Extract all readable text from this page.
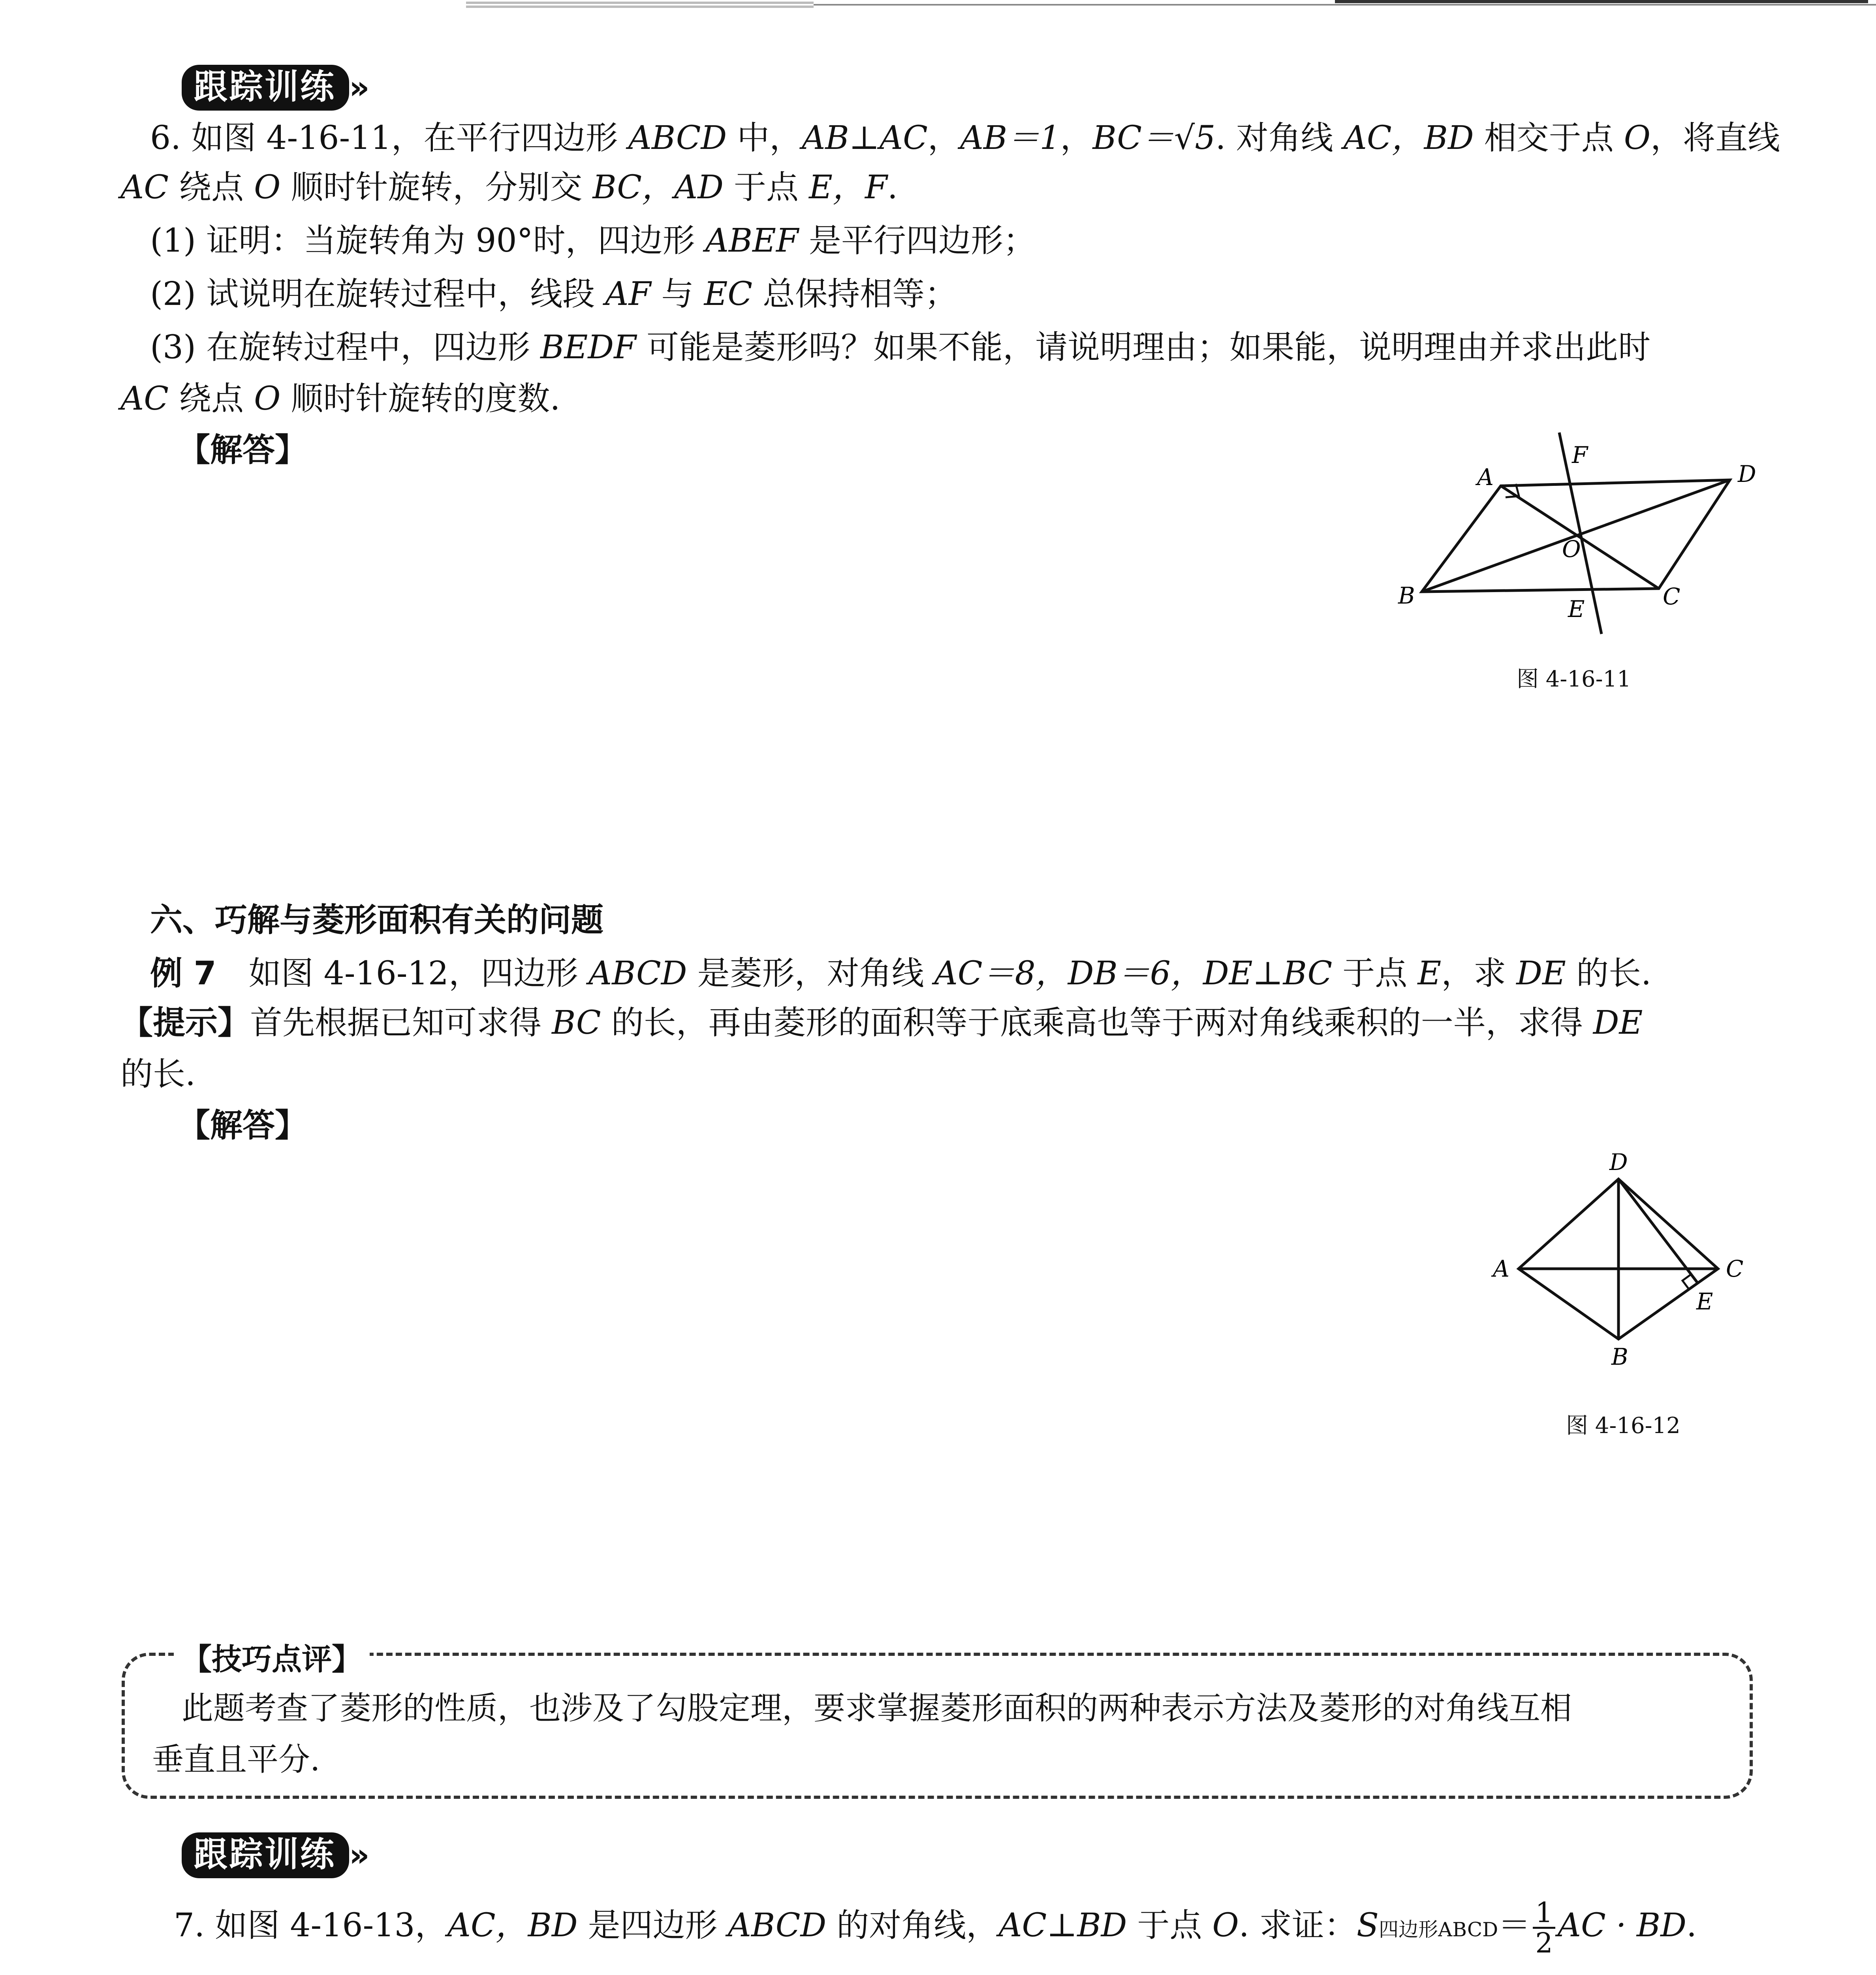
跟踪训练 »
6. 如图 4-16-11，在平行四边形 ABCD 中，AB⊥AC，AB＝1，BC＝√5. 对角线 AC，BD 相交于点 O，将直线
AC 绕点 O 顺时针旋转，分别交 BC，AD 于点 E，F.
(1) 证明：当旋转角为 90°时，四边形 ABEF 是平行四边形；
(2) 试说明在旋转过程中，线段 AF 与 EC 总保持相等；
(3) 在旋转过程中，四边形 BEDF 可能是菱形吗？如果不能，请说明理由；如果能，说明理由并求出此时
AC 绕点 O 顺时针旋转的度数.
【解答】
A
B	C
D
E
F
O
图 4-16-11
六、巧解与菱形面积有关的问题
例 7　如图 4-16-12，四边形 ABCD 是菱形，对角线 AC＝8，DB＝6，DE⊥BC 于点 E，求 DE 的长.
【提示】首先根据已知可求得 BC 的长，再由菱形的面积等于底乘高也等于两对角线乘积的一半，求得 DE
的长.
【解答】
A
B
C
D
E
图 4-16-12
【技巧点评】
此题考查了菱形的性质，也涉及了勾股定理，要求掌握菱形面积的两种表示方法及菱形的对角线互相
垂直且平分.
跟踪训练 »
7. 如图 4-16-13，AC，BD 是四边形 ABCD 的对角线，AC⊥BD 于点 O. 求证：S四边形ABCD＝ $\frac{1}{2}$ AC · BD.
